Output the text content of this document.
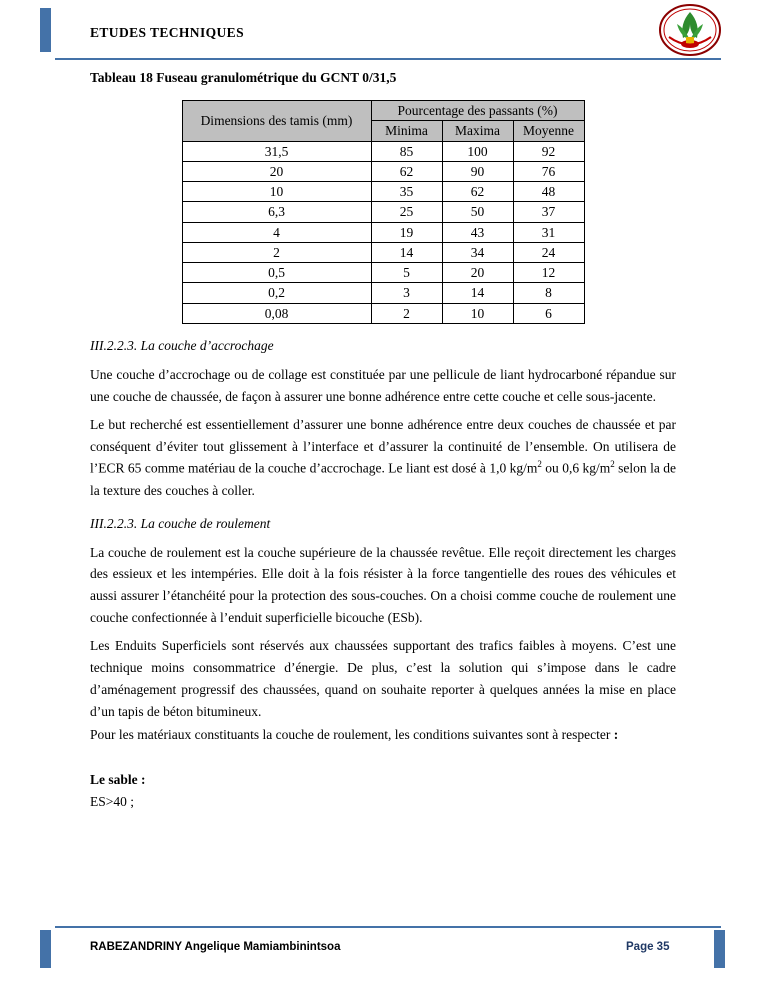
ETUDES TECHNIQUES
Tableau 18 Fuseau granulométrique du GCNT 0/31,5
Dimensions des tamis (mm)	Pourcentage des passants (%)		
	Minima	Maxima	Moyenne
31,5	85	100	92
20	62	90	76
10	35	62	48
6,3	25	50	37
4	19	43	31
2	14	34	24
0,5	5	20	12
0,2	3	14	8
0,08	2	10	6
III.2.2.3. La couche d’accrochage

Une couche d’accrochage ou de collage est constituée par une pellicule de liant hydrocarboné répandue sur une couche de chaussée, de façon à assurer une bonne adhérence entre cette couche et celle sous-jacente.

Le but recherché est essentiellement d’assurer une bonne adhérence entre deux couches de chaussée et par conséquent d’éviter tout glissement à l’interface et d’assurer la continuité de l’ensemble. On utilisera de l’ECR 65 comme matériau de la couche d’accrochage. Le liant est dosé à 1,0 $kg/m^2$ ou 0,6 $kg/m^2$ selon la de la texture des couches à coller.

III.2.2.3. La couche de roulement

La couche de roulement est la couche supérieure de la chaussée revêtue. Elle reçoit directement les charges des essieux et les intempéries. Elle doit à la fois résister à la force tangentielle des roues des véhicules et aussi assurer l’étanchéité pour la protection des sous-couches. On a choisi comme couche de roulement une couche confectionnée à l’enduit superficielle bicouche (ESb).

Les Enduits Superficiels sont réservés aux chaussées supportant des trafics faibles à moyens. C’est une technique moins consommatrice d’énergie. De plus, c’est la solution qui s’impose dans le cadre d’aménagement progressif des chaussées, quand on souhaite reporter à quelques années la mise en place d’un tapis de béton bitumineux.

Pour les matériaux constituants la couche de roulement, les conditions suivantes sont à respecter :

Le sable :
ES>40 ;
RABEZANDRINY Angelique Mamiambinintsoa	Page 35
